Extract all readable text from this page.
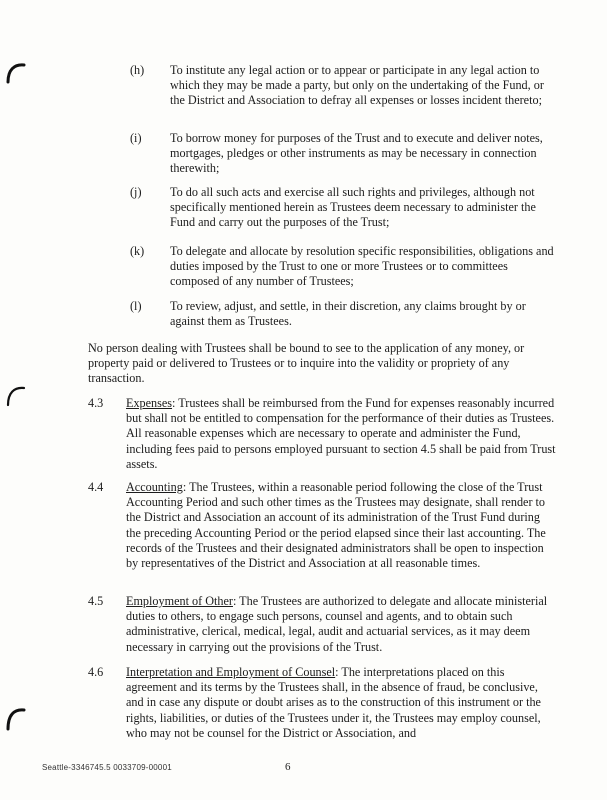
(h) To institute any legal action or to appear or participate in any legal action to which they may be made a party, but only on the undertaking of the Fund, or the District and Association to defray all expenses or losses incident thereto;
(i) To borrow money for purposes of the Trust and to execute and deliver notes, mortgages, pledges or other instruments as may be necessary in connection therewith;
(j) To do all such acts and exercise all such rights and privileges, although not specifically mentioned herein as Trustees deem necessary to administer the Fund and carry out the purposes of the Trust;
(k) To delegate and allocate by resolution specific responsibilities, obligations and duties imposed by the Trust to one or more Trustees or to committees composed of any number of Trustees;
(l) To review, adjust, and settle, in their discretion, any claims brought by or against them as Trustees.
No person dealing with Trustees shall be bound to see to the application of any money, or property paid or delivered to Trustees or to inquire into the validity or propriety of any transaction.
4.3 Expenses: Trustees shall be reimbursed from the Fund for expenses reasonably incurred but shall not be entitled to compensation for the performance of their duties as Trustees. All reasonable expenses which are necessary to operate and administer the Fund, including fees paid to persons employed pursuant to section 4.5 shall be paid from Trust assets.
4.4 Accounting: The Trustees, within a reasonable period following the close of the Trust Accounting Period and such other times as the Trustees may designate, shall render to the District and Association an account of its administration of the Trust Fund during the preceding Accounting Period or the period elapsed since their last accounting. The records of the Trustees and their designated administrators shall be open to inspection by representatives of the District and Association at all reasonable times.
4.5 Employment of Other: The Trustees are authorized to delegate and allocate ministerial duties to others, to engage such persons, counsel and agents, and to obtain such administrative, clerical, medical, legal, audit and actuarial services, as it may deem necessary in carrying out the provisions of the Trust.
4.6 Interpretation and Employment of Counsel: The interpretations placed on this agreement and its terms by the Trustees shall, in the absence of fraud, be conclusive, and in case any dispute or doubt arises as to the construction of this instrument or the rights, liabilities, or duties of the Trustees under it, the Trustees may employ counsel, who may not be counsel for the District or Association, and
Seattle-3346745.5 0033709-00001	6
